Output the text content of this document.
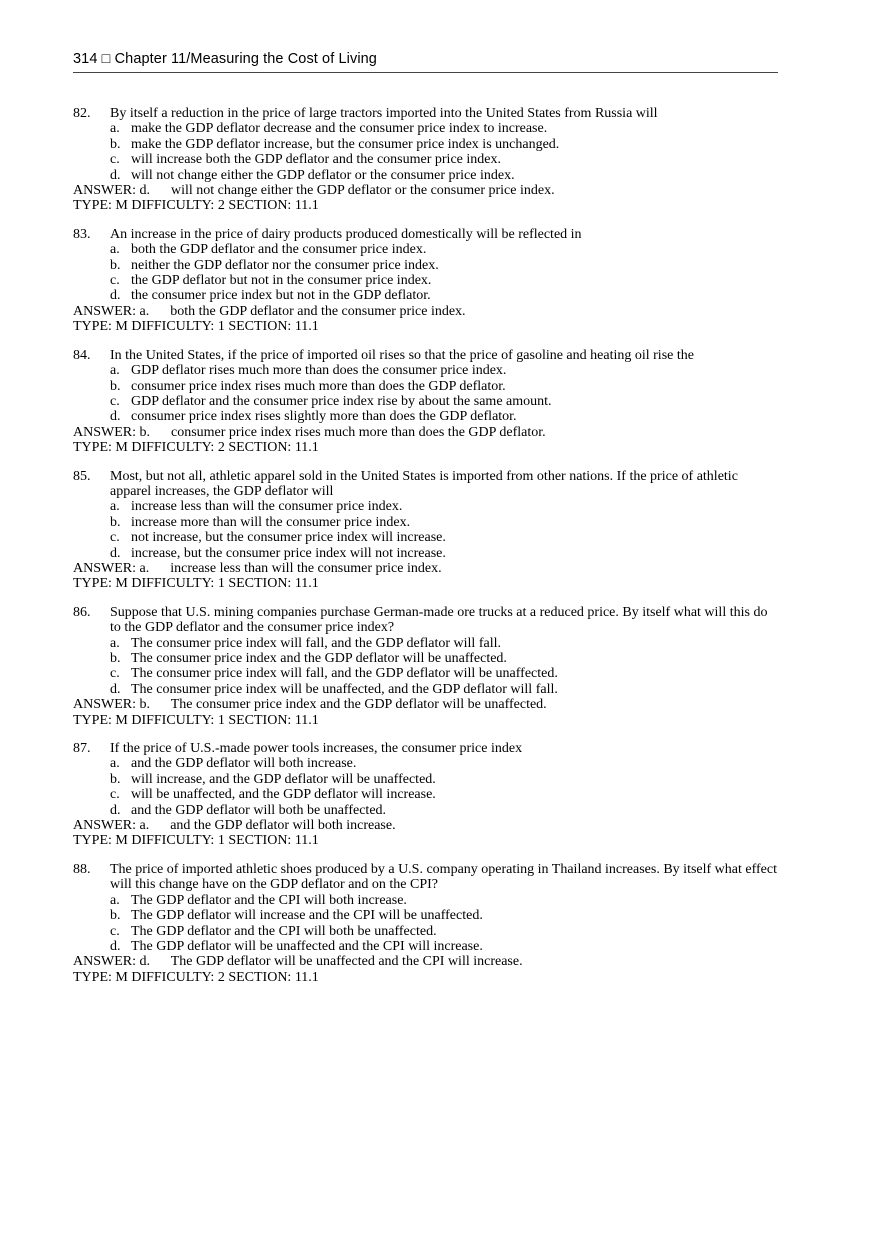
314 □ Chapter 11/Measuring the Cost of Living
82.	By itself a reduction in the price of large tractors imported into the United States from Russia will
a. make the GDP deflator decrease and the consumer price index to increase.
b. make the GDP deflator increase, but the consumer price index is unchanged.
c. will increase both the GDP deflator and the consumer price index.
d. will not change either the GDP deflator or the consumer price index.
ANSWER: d.      will not change either the GDP deflator or the consumer price index.
TYPE: M DIFFICULTY: 2 SECTION: 11.1
83.	An increase in the price of dairy products produced domestically will be reflected in
a. both the GDP deflator and the consumer price index.
b. neither the GDP deflator nor the consumer price index.
c. the GDP deflator but not in the consumer price index.
d. the consumer price index but not in the GDP deflator.
ANSWER: a.      both the GDP deflator and the consumer price index.
TYPE: M DIFFICULTY: 1 SECTION: 11.1
84.	In the United States, if the price of imported oil rises so that the price of gasoline and heating oil rise the
a. GDP deflator rises much more than does the consumer price index.
b. consumer price index rises much more than does the GDP deflator.
c. GDP deflator and the consumer price index rise by about the same amount.
d. consumer price index rises slightly more than does the GDP deflator.
ANSWER: b.      consumer price index rises much more than does the GDP deflator.
TYPE: M DIFFICULTY: 2 SECTION: 11.1
85.	Most, but not all, athletic apparel sold in the United States is imported from other nations. If the price of athletic apparel increases, the GDP deflator will
a. increase less than will the consumer price index.
b. increase more than will the consumer price index.
c. not increase, but the consumer price index will increase.
d. increase, but the consumer price index will not increase.
ANSWER: a.      increase less than will the consumer price index.
TYPE: M DIFFICULTY: 1 SECTION: 11.1
86.	Suppose that U.S. mining companies purchase German-made ore trucks at a reduced price. By itself what will this do to the GDP deflator and the consumer price index?
a. The consumer price index will fall, and the GDP deflator will fall.
b. The consumer price index and the GDP deflator will be unaffected.
c. The consumer price index will fall, and the GDP deflator will be unaffected.
d. The consumer price index will be unaffected, and the GDP deflator will fall.
ANSWER: b.      The consumer price index and the GDP deflator will be unaffected.
TYPE: M DIFFICULTY: 1 SECTION: 11.1
87.	If the price of U.S.-made power tools increases, the consumer price index
a. and the GDP deflator will both increase.
b. will increase, and the GDP deflator will be unaffected.
c. will be unaffected, and the GDP deflator will increase.
d. and the GDP deflator will both be unaffected.
ANSWER: a.      and the GDP deflator will both increase.
TYPE: M DIFFICULTY: 1 SECTION: 11.1
88.	The price of imported athletic shoes produced by a U.S. company operating in Thailand increases. By itself what effect will this change have on the GDP deflator and on the CPI?
a. The GDP deflator and the CPI will both increase.
b. The GDP deflator will increase and the CPI will be unaffected.
c. The GDP deflator and the CPI will both be unaffected.
d. The GDP deflator will be unaffected and the CPI will increase.
ANSWER: d.      The GDP deflator will be unaffected and the CPI will increase.
TYPE: M DIFFICULTY: 2 SECTION: 11.1
